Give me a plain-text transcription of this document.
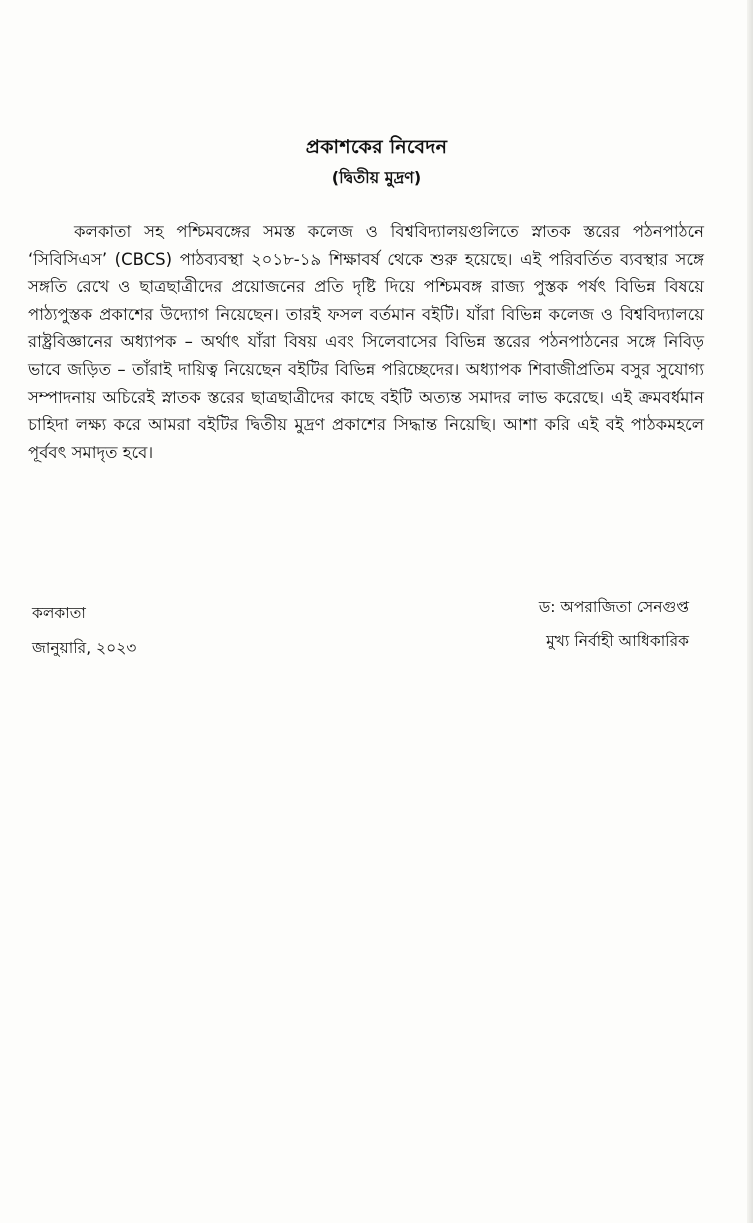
প্রকাশকের নিবেদন
(দ্বিতীয় মুদ্রণ)

কলকাতা সহ পশ্চিমবঙ্গের সমস্ত কলেজ ও বিশ্ববিদ্যালয়গুলিতে স্নাতক স্তরের পঠনপাঠনে ‘সিবিসিএস’ (CBCS) পাঠব্যবস্থা ২০১৮-১৯ শিক্ষাবর্ষ থেকে শুরু হয়েছে। এই পরিবর্তিত ব্যবস্থার সঙ্গে সঙ্গতি রেখে ও ছাত্রছাত্রীদের প্রয়োজনের প্রতি দৃষ্টি দিয়ে পশ্চিমবঙ্গ রাজ্য পুস্তক পর্ষৎ বিভিন্ন বিষয়ে পাঠ্যপুস্তক প্রকাশের উদ্যোগ নিয়েছেন। তারই ফসল বর্তমান বইটি। যাঁরা বিভিন্ন কলেজ ও বিশ্ববিদ্যালয়ে রাষ্ট্রবিজ্ঞানের অধ্যাপক – অর্থাৎ যাঁরা বিষয় এবং সিলেবাসের বিভিন্ন স্তরের পঠনপাঠনের সঙ্গে নিবিড় ভাবে জড়িত – তাঁরাই দায়িত্ব নিয়েছেন বইটির বিভিন্ন পরিচ্ছেদের। অধ্যাপক শিবাজীপ্রতিম বসুর সুযোগ্য সম্পাদনায় অচিরেই স্নাতক স্তরের ছাত্রছাত্রীদের কাছে বইটি অত্যন্ত সমাদর লাভ করেছে। এই ক্রমবর্ধমান চাহিদা লক্ষ্য করে আমরা বইটির দ্বিতীয় মুদ্রণ প্রকাশের সিদ্ধান্ত নিয়েছি। আশা করি এই বই পাঠকমহলে পূর্ববৎ সমাদৃত হবে।

কলকাতা
জানুয়ারি, ২০২৩
ড: অপরাজিতা সেনগুপ্ত
মুখ্য নির্বাহী আধিকারিক
